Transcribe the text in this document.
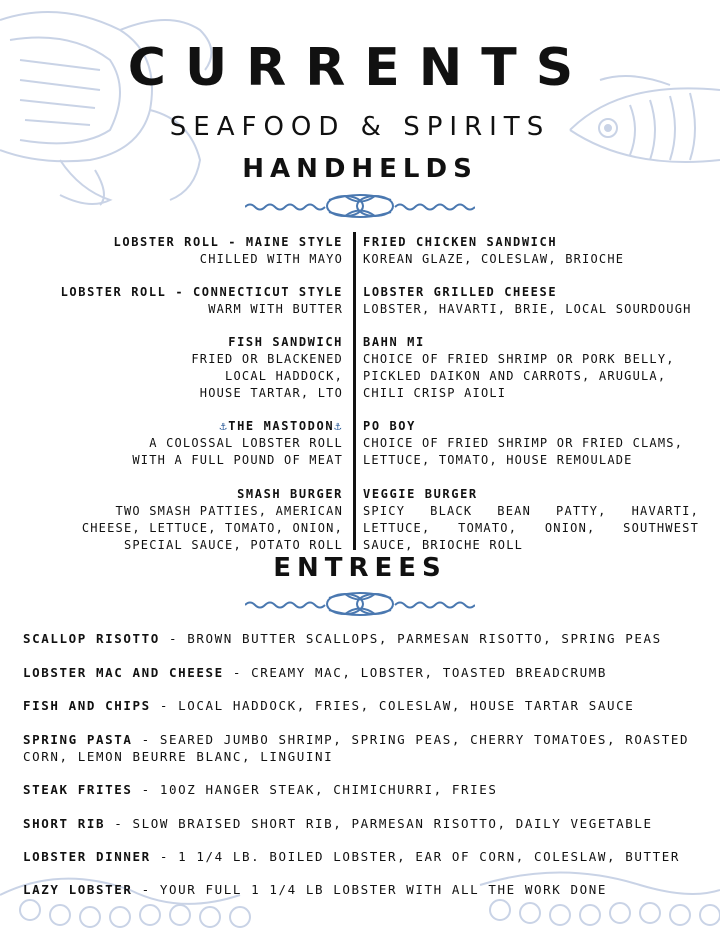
CURRENTS
SEAFOOD & SPIRITS
HANDHELDS
LOBSTER ROLL - MAINE STYLE
CHILLED WITH MAYO
LOBSTER ROLL - CONNECTICUT STYLE
WARM WITH BUTTER
FISH SANDWICH
FRIED OR BLACKENED
LOCAL HADDOCK,
HOUSE TARTAR, LTO
⚓THE MASTODON⚓
A COLOSSAL LOBSTER ROLL
WITH A FULL POUND OF MEAT
SMASH BURGER
TWO SMASH PATTIES, AMERICAN
CHEESE, LETTUCE, TOMATO, ONION,
SPECIAL SAUCE, POTATO ROLL
FRIED CHICKEN SANDWICH
KOREAN GLAZE, COLESLAW, BRIOCHE
LOBSTER GRILLED CHEESE
LOBSTER, HAVARTI, BRIE, LOCAL SOURDOUGH
BAHN MI
CHOICE OF FRIED SHRIMP OR PORK BELLY, PICKLED DAIKON AND CARROTS, ARUGULA, CHILI CRISP AIOLI
PO BOY
CHOICE OF FRIED SHRIMP OR FRIED CLAMS, LETTUCE, TOMATO, HOUSE REMOULADE
VEGGIE BURGER
SPICY BLACK BEAN PATTY, HAVARTI, LETTUCE, TOMATO, ONION, SOUTHWEST SAUCE, BRIOCHE ROLL
ENTREES
SCALLOP RISOTTO - BROWN BUTTER SCALLOPS, PARMESAN RISOTTO, SPRING PEAS
LOBSTER MAC AND CHEESE - CREAMY MAC, LOBSTER, TOASTED BREADCRUMB
FISH AND CHIPS - LOCAL HADDOCK, FRIES, COLESLAW, HOUSE TARTAR SAUCE
SPRING PASTA - SEARED JUMBO SHRIMP, SPRING PEAS, CHERRY TOMATOES, ROASTED CORN, LEMON BEURRE BLANC, LINGUINI
STEAK FRITES - 10OZ HANGER STEAK, CHIMICHURRI, FRIES
SHORT RIB - SLOW BRAISED SHORT RIB, PARMESAN RISOTTO, DAILY VEGETABLE
LOBSTER DINNER - 1 1/4 LB. BOILED LOBSTER, EAR OF CORN, COLESLAW, BUTTER
LAZY LOBSTER - YOUR FULL 1 1/4 LB LOBSTER WITH ALL THE WORK DONE
